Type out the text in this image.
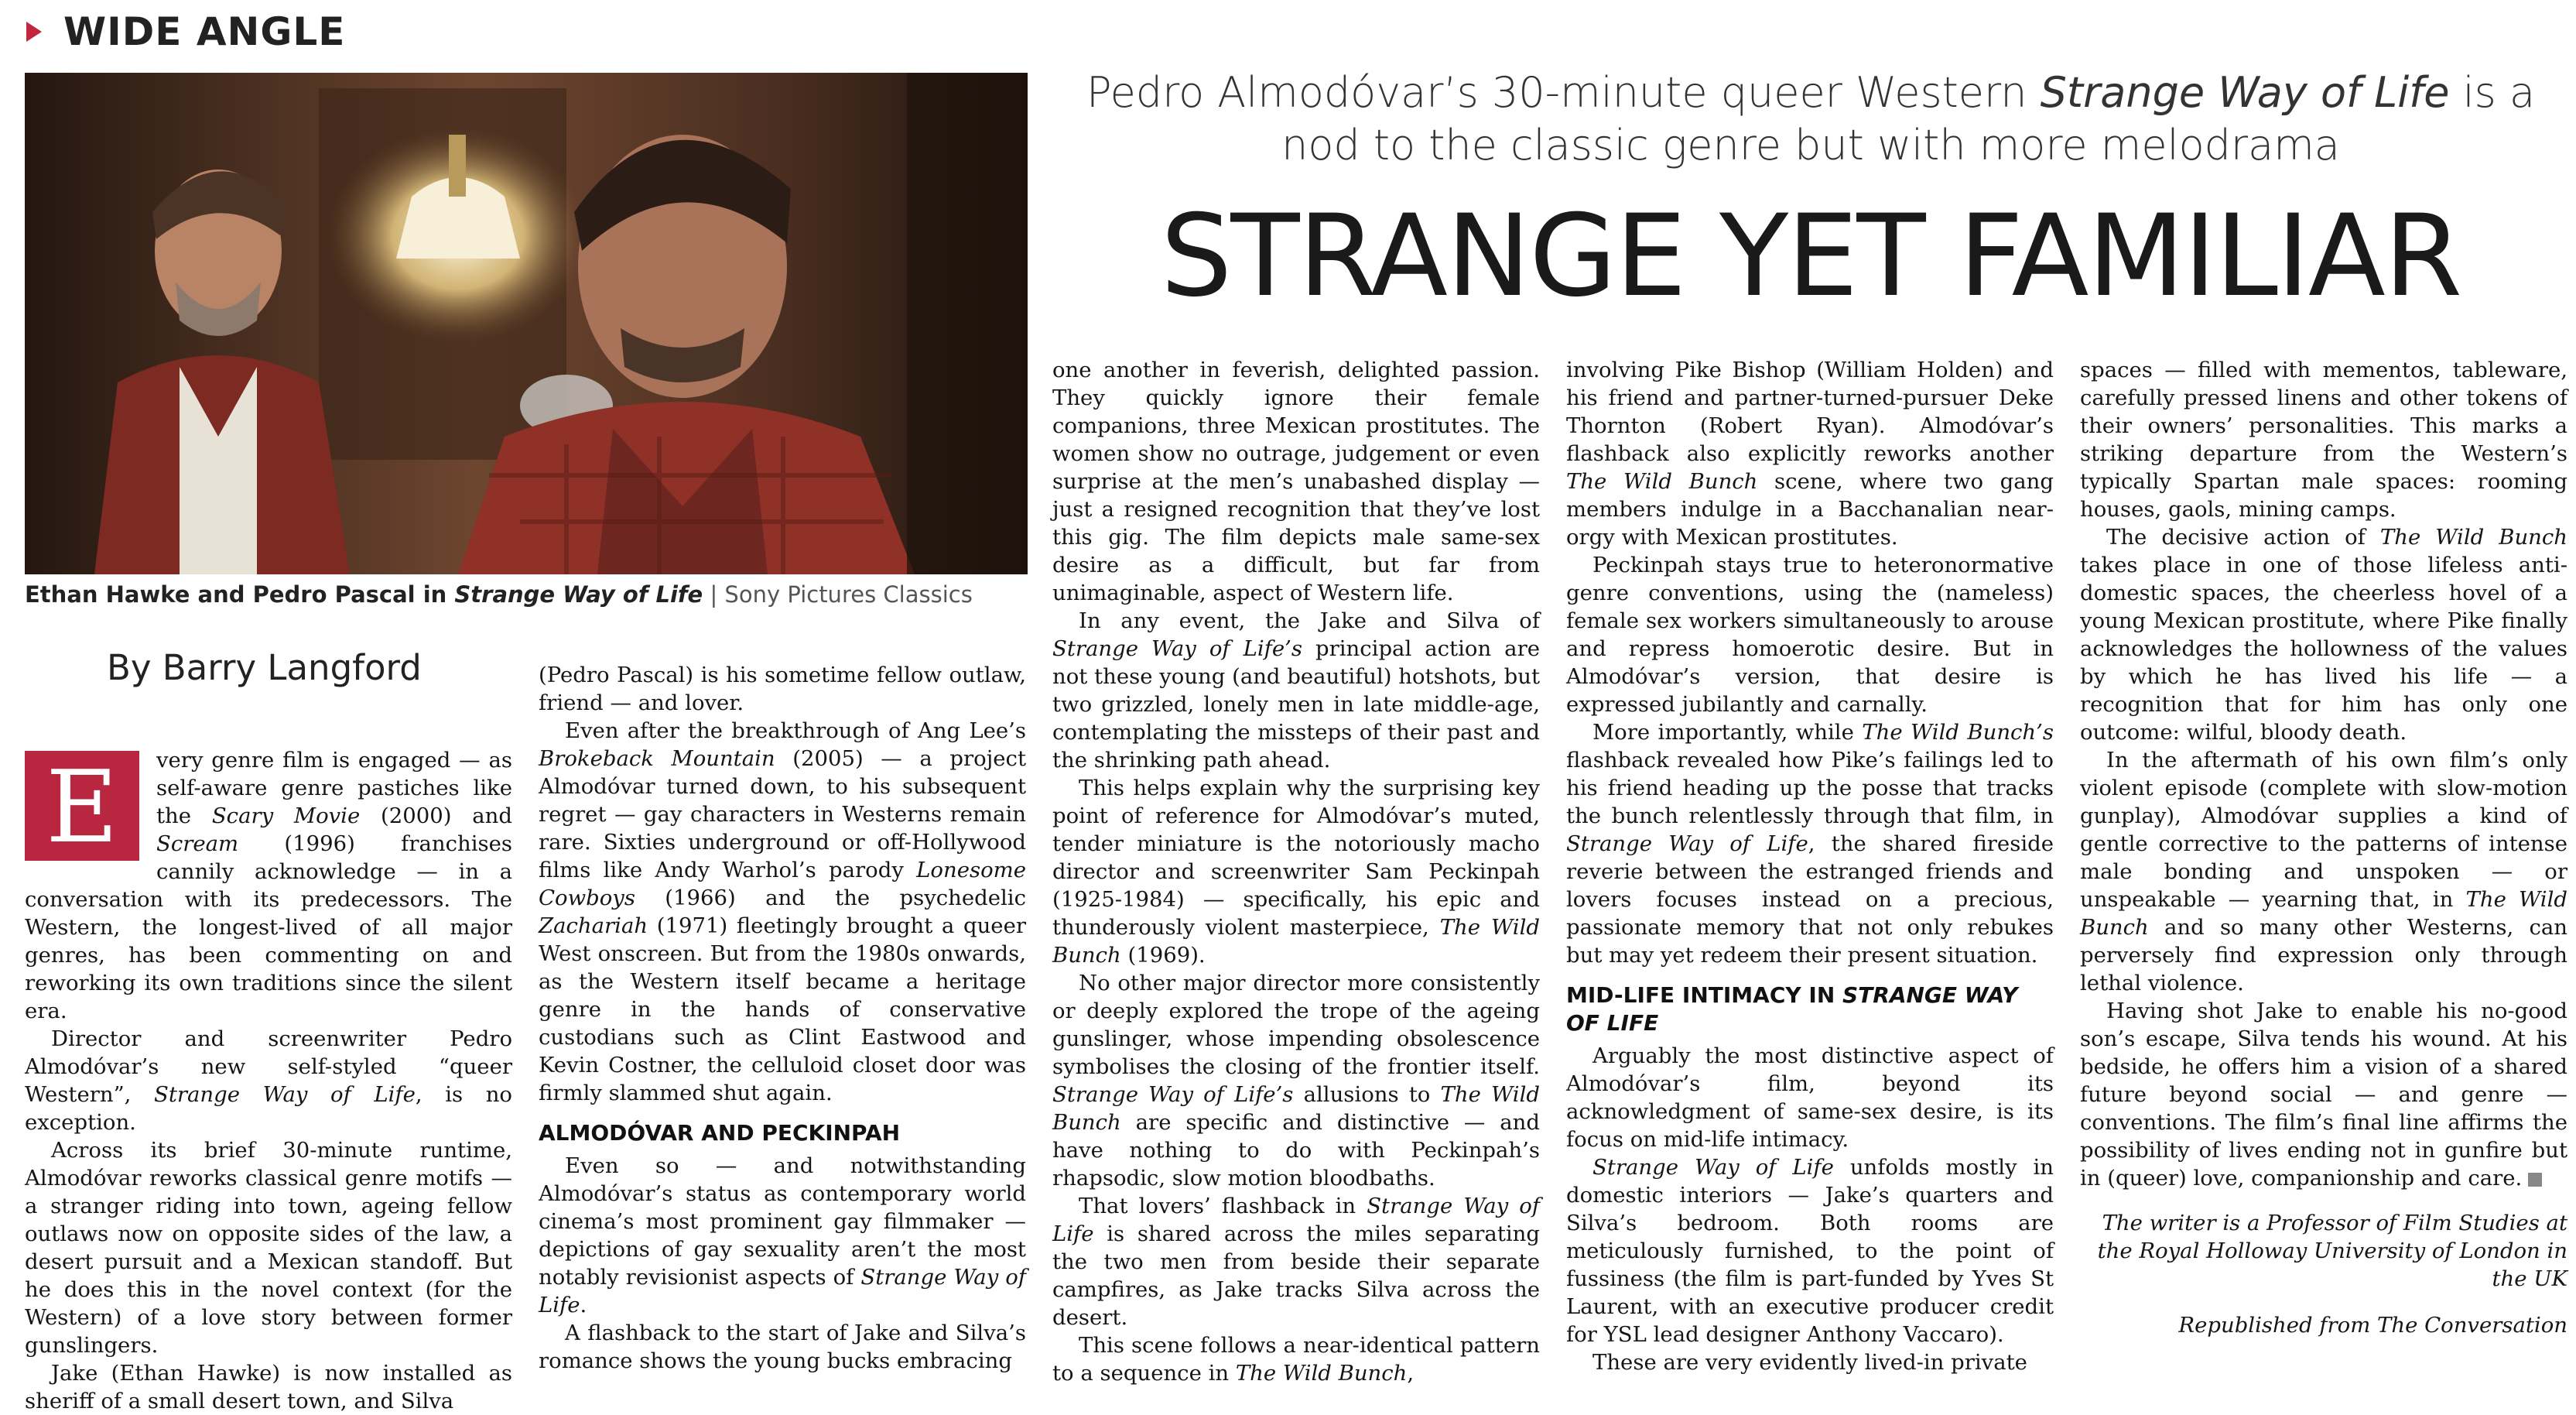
WIDE ANGLE
Ethan Hawke and Pedro Pascal in Strange Way of Life | Sony Pictures Classics
Pedro Almodóvar’s 30-minute queer Western Strange Way of Life is a nod to the classic genre but with more melodrama
STRANGE YET FAMILIAR
By Barry Langford

E	very genre film is engaged — as self-aware genre pastiches like the Scary Movie (2000) and Scream (1996) franchises cannily acknowledge — in a conversation with its predecessors. The Western, the longest-lived of all major genres, has been commenting on and reworking its own traditions since the silent era.

Director and screenwriter Pedro Almodóvar’s new self-styled “queer Western”, Strange Way of Life, is no exception.

Across its brief 30-minute runtime, Almodóvar reworks classical genre motifs — a stranger riding into town, ageing fellow outlaws now on opposite sides of the law, a desert pursuit and a Mexican standoff. But he does this in the novel context (for the Western) of a love story between former gunslingers.

Jake (Ethan Hawke) is now installed as sheriff of a small desert town, and Silva

(Pedro Pascal) is his sometime fellow outlaw, friend — and lover.

Even after the breakthrough of Ang Lee’s Brokeback Mountain (2005) — a project Almodóvar turned down, to his subsequent regret — gay characters in Westerns remain rare. Sixties underground or off-Hollywood films like Andy Warhol’s parody Lonesome Cowboys (1966) and the psychedelic Zachariah (1971) fleetingly brought a queer West onscreen. But from the 1980s onwards, as the Western itself became a heritage genre in the hands of conservative custodians such as Clint Eastwood and Kevin Costner, the celluloid closet door was firmly slammed shut again.

ALMODÓVAR AND PECKINPAH

Even so — and notwithstanding Almodóvar’s status as contemporary world cinema’s most prominent gay filmmaker — depictions of gay sexuality aren’t the most notably revisionist aspects of Strange Way of Life.

A flashback to the start of Jake and Silva’s romance shows the young bucks embracing

one another in feverish, delighted passion. They quickly ignore their female companions, three Mexican prostitutes. The women show no outrage, judgement or even surprise at the men’s unabashed display — just a resigned recognition that they’ve lost this gig. The film depicts male same-sex desire as a difficult, but far from unimaginable, aspect of Western life.

In any event, the Jake and Silva of Strange Way of Life’s principal action are not these young (and beautiful) hotshots, but two grizzled, lonely men in late middle-age, contemplating the missteps of their past and the shrinking path ahead.

This helps explain why the surprising key point of reference for Almodóvar’s muted, tender miniature is the notoriously macho director and screenwriter Sam Peckinpah (1925-1984) — specifically, his epic and thunderously violent masterpiece, The Wild Bunch (1969).

No other major director more consistently or deeply explored the trope of the ageing gunslinger, whose impending obsolescence symbolises the closing of the frontier itself. Strange Way of Life’s allusions to The Wild Bunch are specific and distinctive — and have nothing to do with Peckinpah’s rhapsodic, slow motion bloodbaths.

That lovers’ flashback in Strange Way of Life is shared across the miles separating the two men from beside their separate campfires, as Jake tracks Silva across the desert.

This scene follows a near-identical pattern to a sequence in The Wild Bunch,

involving Pike Bishop (William Holden) and his friend and partner-turned-pursuer Deke Thornton (Robert Ryan). Almodóvar’s flashback also explicitly reworks another The Wild Bunch scene, where two gang members indulge in a Bacchanalian near-orgy with Mexican prostitutes.

Peckinpah stays true to heteronormative genre conventions, using the (nameless) female sex workers simultaneously to arouse and repress homoerotic desire. But in Almodóvar’s version, that desire is expressed jubilantly and carnally.

More importantly, while The Wild Bunch’s flashback revealed how Pike’s failings led to his friend heading up the posse that tracks the bunch relentlessly through that film, in Strange Way of Life, the shared fireside reverie between the estranged friends and lovers focuses instead on a precious, passionate memory that not only rebukes but may yet redeem their present situation.

MID-LIFE INTIMACY IN STRANGE WAY OF LIFE

Arguably the most distinctive aspect of Almodóvar’s film, beyond its acknowledgment of same-sex desire, is its focus on mid-life intimacy.

Strange Way of Life unfolds mostly in domestic interiors — Jake’s quarters and Silva’s bedroom. Both rooms are meticulously furnished, to the point of fussiness (the film is part-funded by Yves St Laurent, with an executive producer credit for YSL lead designer Anthony Vaccaro).

These are very evidently lived-in private

spaces — filled with mementos, tableware, carefully pressed linens and other tokens of their owners’ personalities. This marks a striking departure from the Western’s typically Spartan male spaces: rooming houses, gaols, mining camps.

The decisive action of The Wild Bunch takes place in one of those lifeless anti-domestic spaces, the cheerless hovel of a young Mexican prostitute, where Pike finally acknowledges the hollowness of the values by which he has lived his life — a recognition that for him has only one outcome: wilful, bloody death.

In the aftermath of his own film’s only violent episode (complete with slow-motion gunplay), Almodóvar supplies a kind of gentle corrective to the patterns of intense male bonding and unspoken — or unspeakable — yearning that, in The Wild Bunch and so many other Westerns, can perversely find expression only through lethal violence.

Having shot Jake to enable his no-good son’s escape, Silva tends his wound. At his bedside, he offers him a vision of a shared future beyond social — and genre — conventions. The film’s final line affirms the possibility of lives ending not in gunfire but in (queer) love, companionship and care.

The writer is a Professor of Film Studies at the Royal Holloway University of London in the UK

Republished from The Conversation
